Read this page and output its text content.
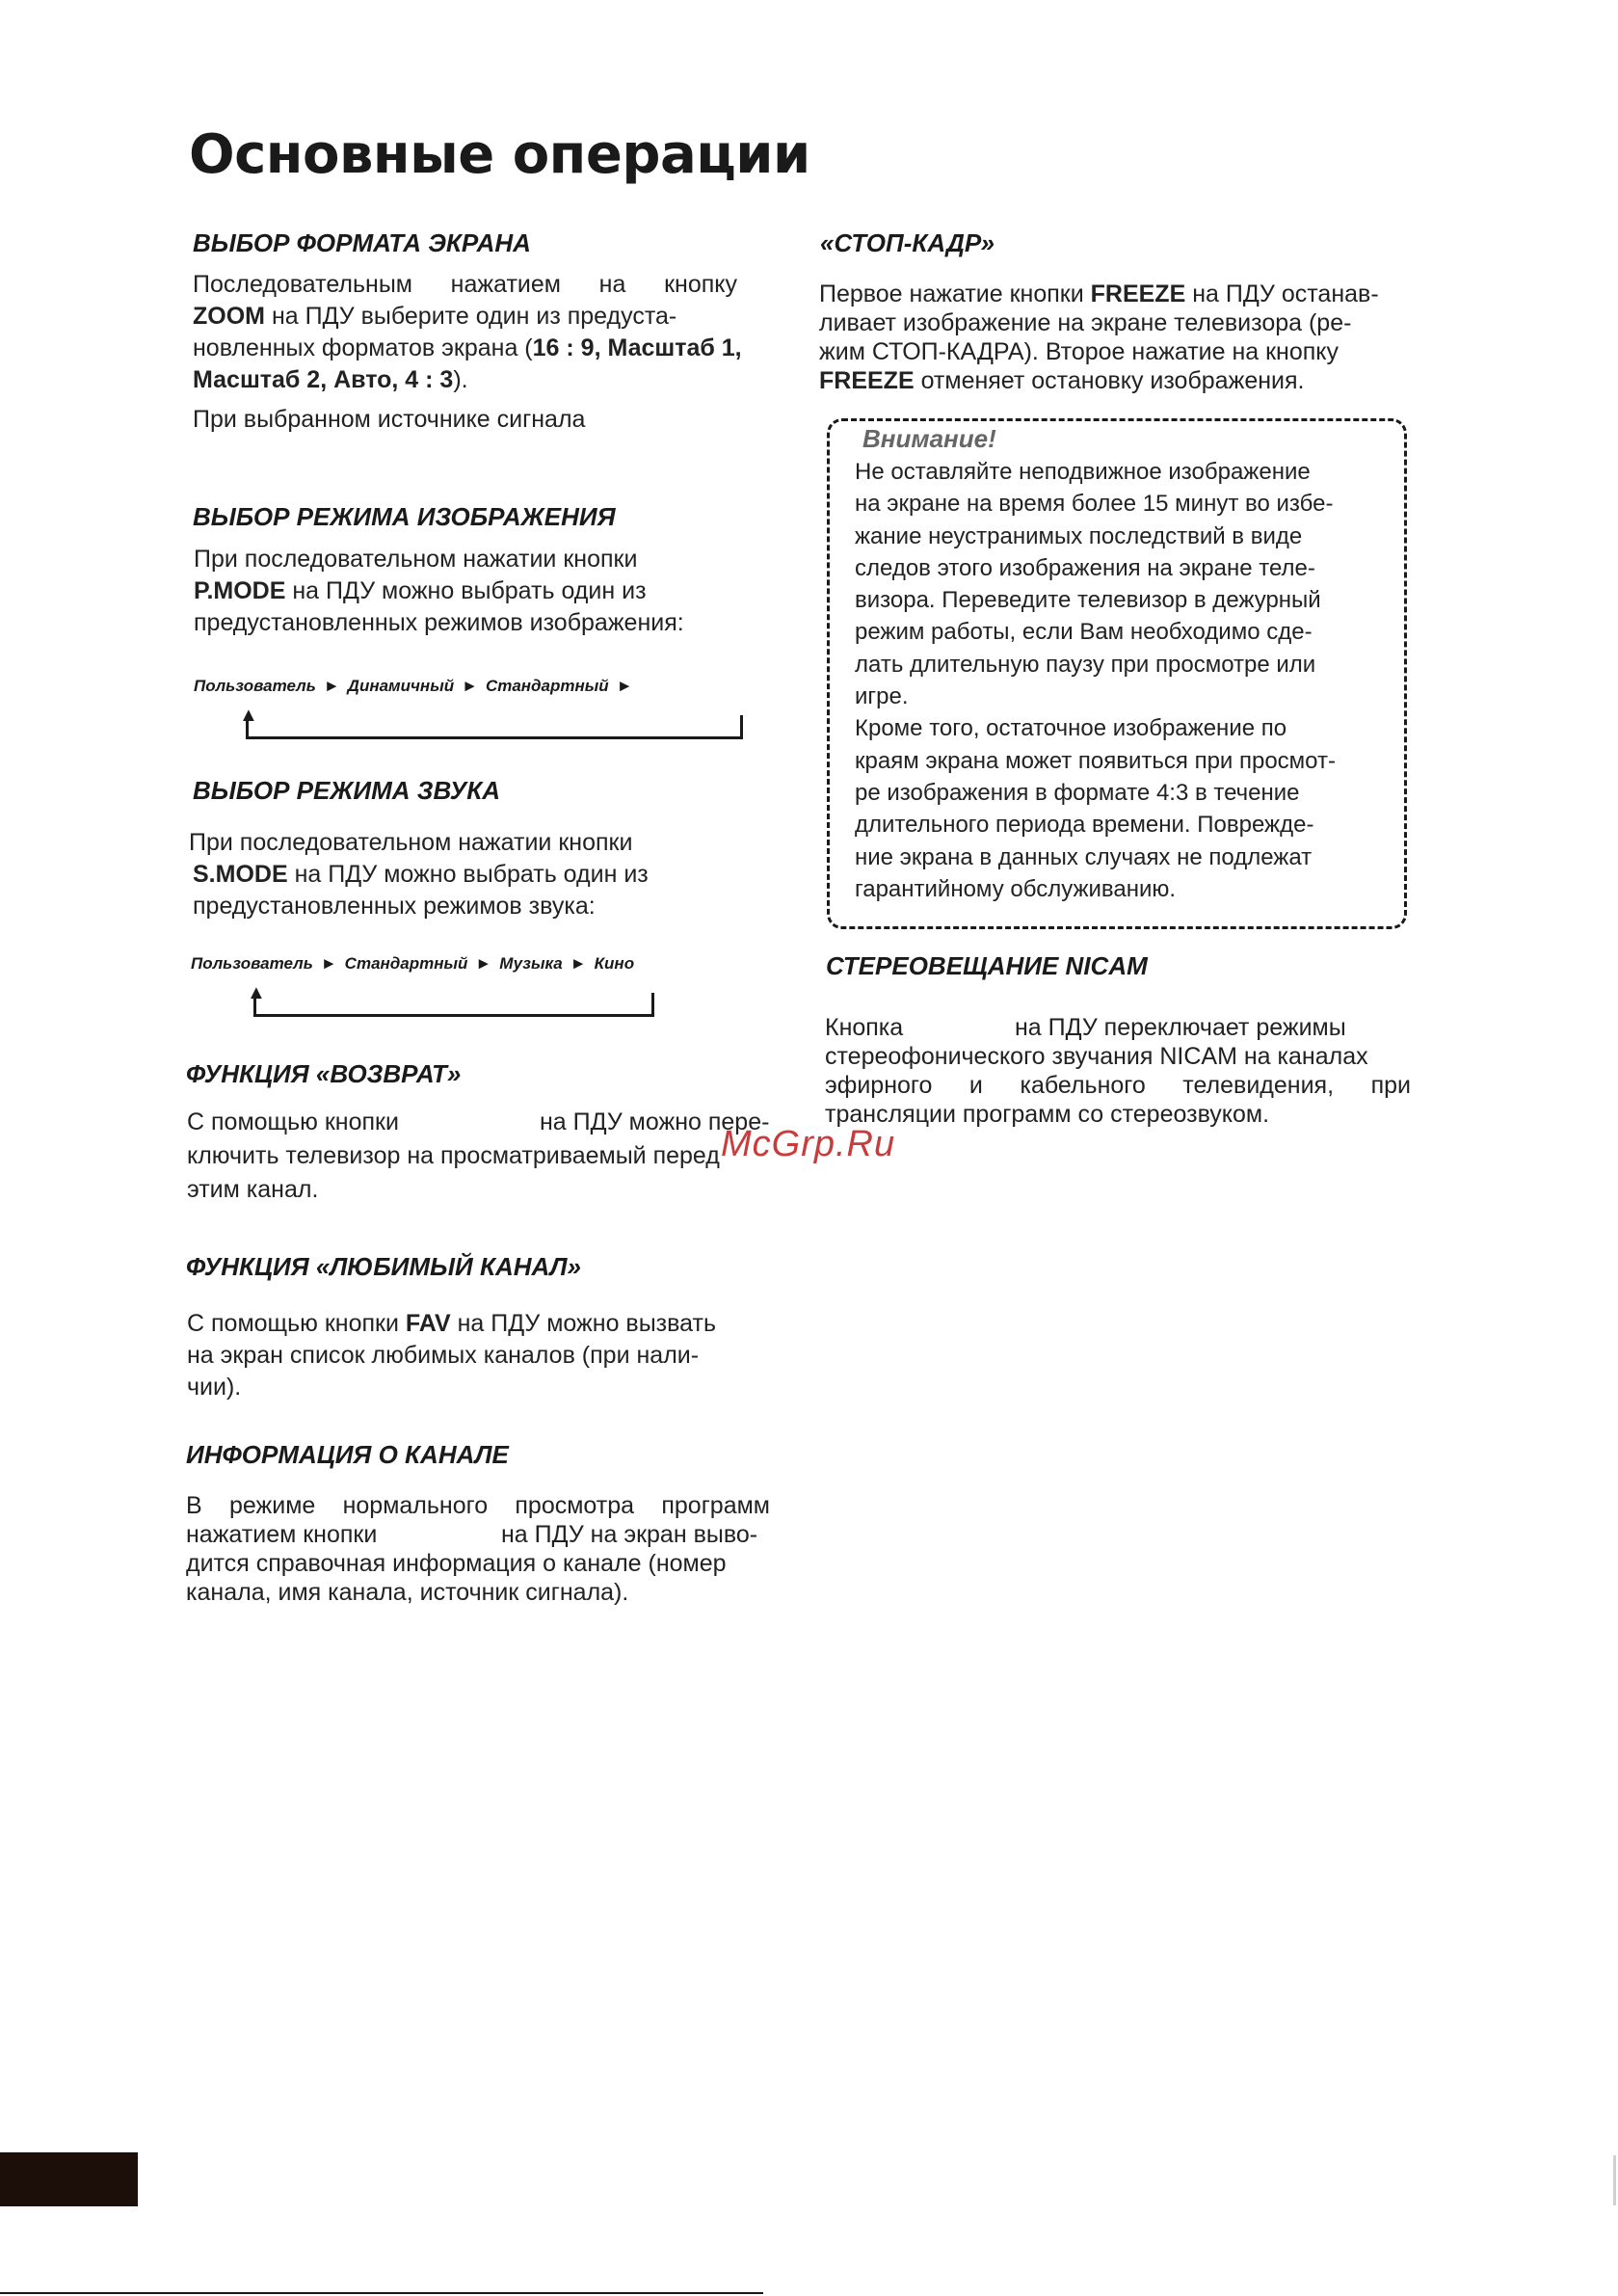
Основные операции
ВЫБОР ФОРМАТА ЭКРАНА
Последовательным нажатием на кнопку
ZOOM на ПДУ выберите один из предуста-
новленных форматов экрана (16 : 9, Масштаб 1, Масштаб 2, Авто, 4 : 3).
При выбранном источнике сигнала
ВЫБОР РЕЖИМА ИЗОБРАЖЕНИЯ
При последовательном нажатии кнопки
P.MODE на ПДУ можно выбрать один из
предустановленных режимов изображения:
Пользователь ► Динамичный ► Стандартный ►
▲
ВЫБОР РЕЖИМА ЗВУКА
При последовательном нажатии кнопки
S.MODE на ПДУ можно выбрать один из
предустановленных режимов звука:
Пользователь ► Стандартный ► Музыка ► Кино
▲
ФУНКЦИЯ «ВОЗВРАТ»
С помощью кнопки	на ПДУ можно пере-
ключить телевизор на просматриваемый перед
этим канал.
ФУНКЦИЯ «ЛЮБИМЫЙ КАНАЛ»
С помощью кнопки FAV на ПДУ можно вызвать
на экран список любимых каналов (при нали-
чии).
ИНФОРМАЦИЯ О КАНАЛЕ
В режиме нормального просмотра программ
нажатием кнопки	на ПДУ на экран выво-
дится справочная информация о канале (номер
канала, имя канала, источник сигнала).
«СТОП-КАДР»
Первое нажатие кнопки FREEZE на ПДУ останав-
ливает изображение на экране телевизора (ре-
жим СТОП-КАДРА). Второе нажатие на кнопку
FREEZE отменяет остановку изображения.
Внимание!
Не оставляйте неподвижное изображение
на экране на время более 15 минут во избе-
жание неустранимых последствий в виде
следов этого изображения на экране теле-
визора. Переведите телевизор в дежурный
режим работы, если Вам необходимо сде-
лать длительную паузу при просмотре или
игре.
Кроме того, остаточное изображение по
краям экрана может появиться при просмот-
ре изображения в формате 4:3 в течение
длительного периода времени. Поврежде-
ние экрана в данных случаях не подлежат
гарантийному обслуживанию.
СТЕРЕОВЕЩАНИЕ NICAM
Кнопка	на ПДУ переключает режимы
стереофонического звучания NICAM на каналах
эфирного и кабельного телевидения, при
трансляции программ со стереозвуком.
McGrp.Ru
